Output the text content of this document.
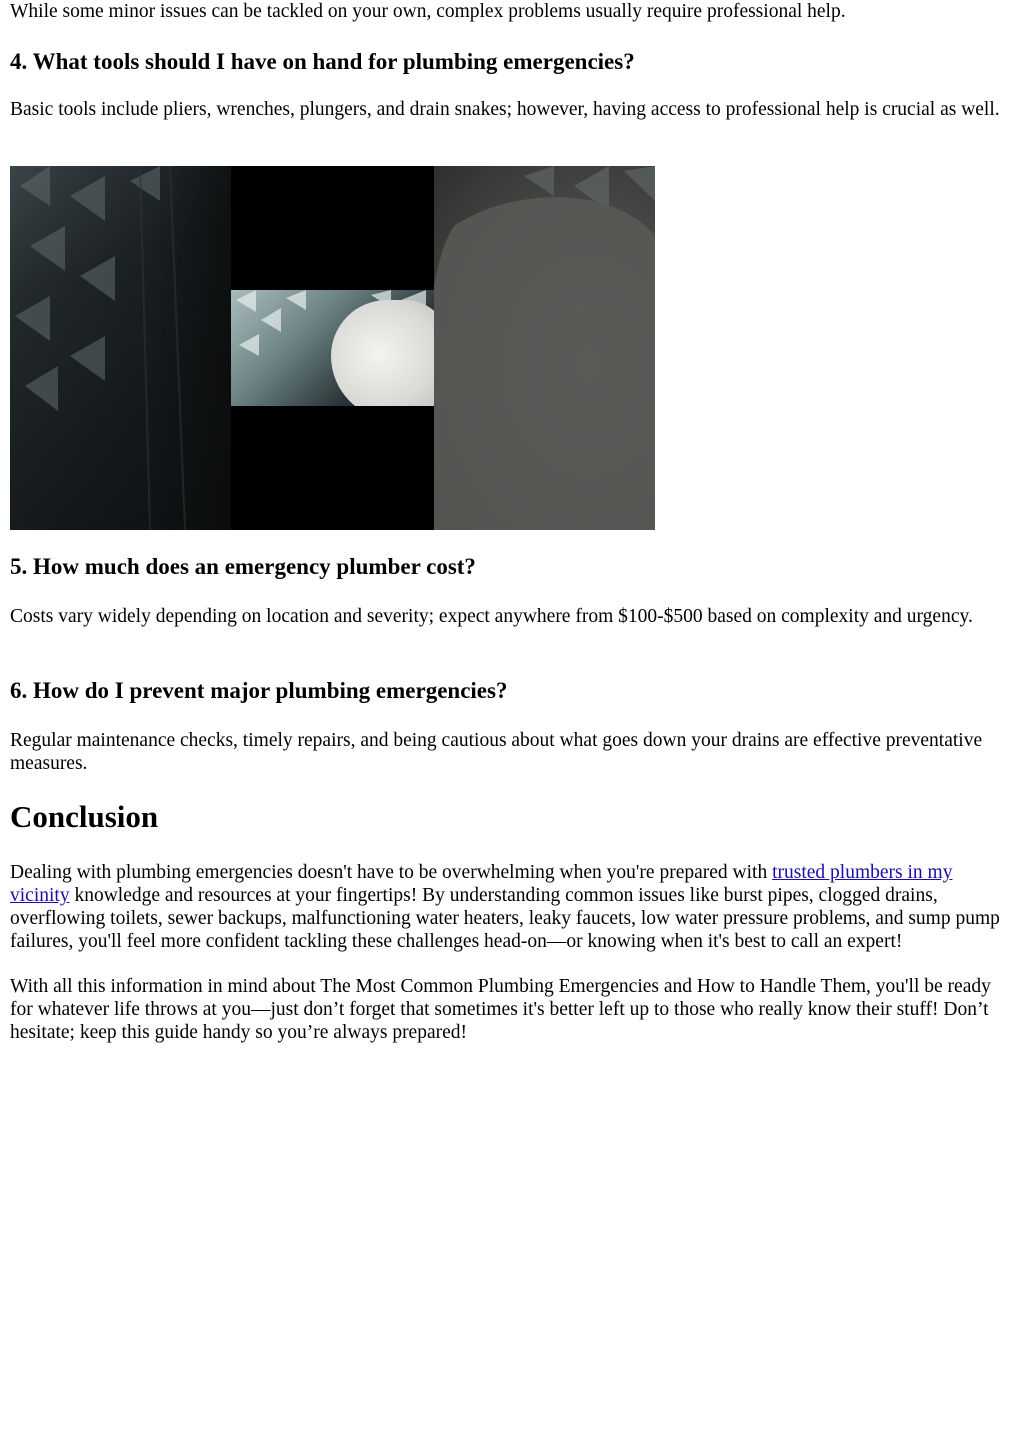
While some minor issues can be tackled on your own, complex problems usually require professional help.

4. What tools should I have on hand for plumbing emergencies?

Basic tools include pliers, wrenches, plungers, and drain snakes; however, having access to professional help is crucial as well.

5. How much does an emergency plumber cost?

Costs vary widely depending on location and severity; expect anywhere from $100-$500 based on complexity and urgency.

6. How do I prevent major plumbing emergencies?

Regular maintenance checks, timely repairs, and being cautious about what goes down your drains are effective preventative measures.

Conclusion

Dealing with plumbing emergencies doesn't have to be overwhelming when you're prepared with trusted plumbers in my vicinity knowledge and resources at your fingertips! By understanding common issues like burst pipes, clogged drains, overflowing toilets, sewer backups, malfunctioning water heaters, leaky faucets, low water pressure problems, and sump pump failures, you'll feel more confident tackling these challenges head-on—or knowing when it's best to call an expert!

With all this information in mind about The Most Common Plumbing Emergencies and How to Handle Them, you'll be ready for whatever life throws at you—just don’t forget that sometimes it's better left up to those who really know their stuff! Don’t hesitate; keep this guide handy so you’re always prepared!
